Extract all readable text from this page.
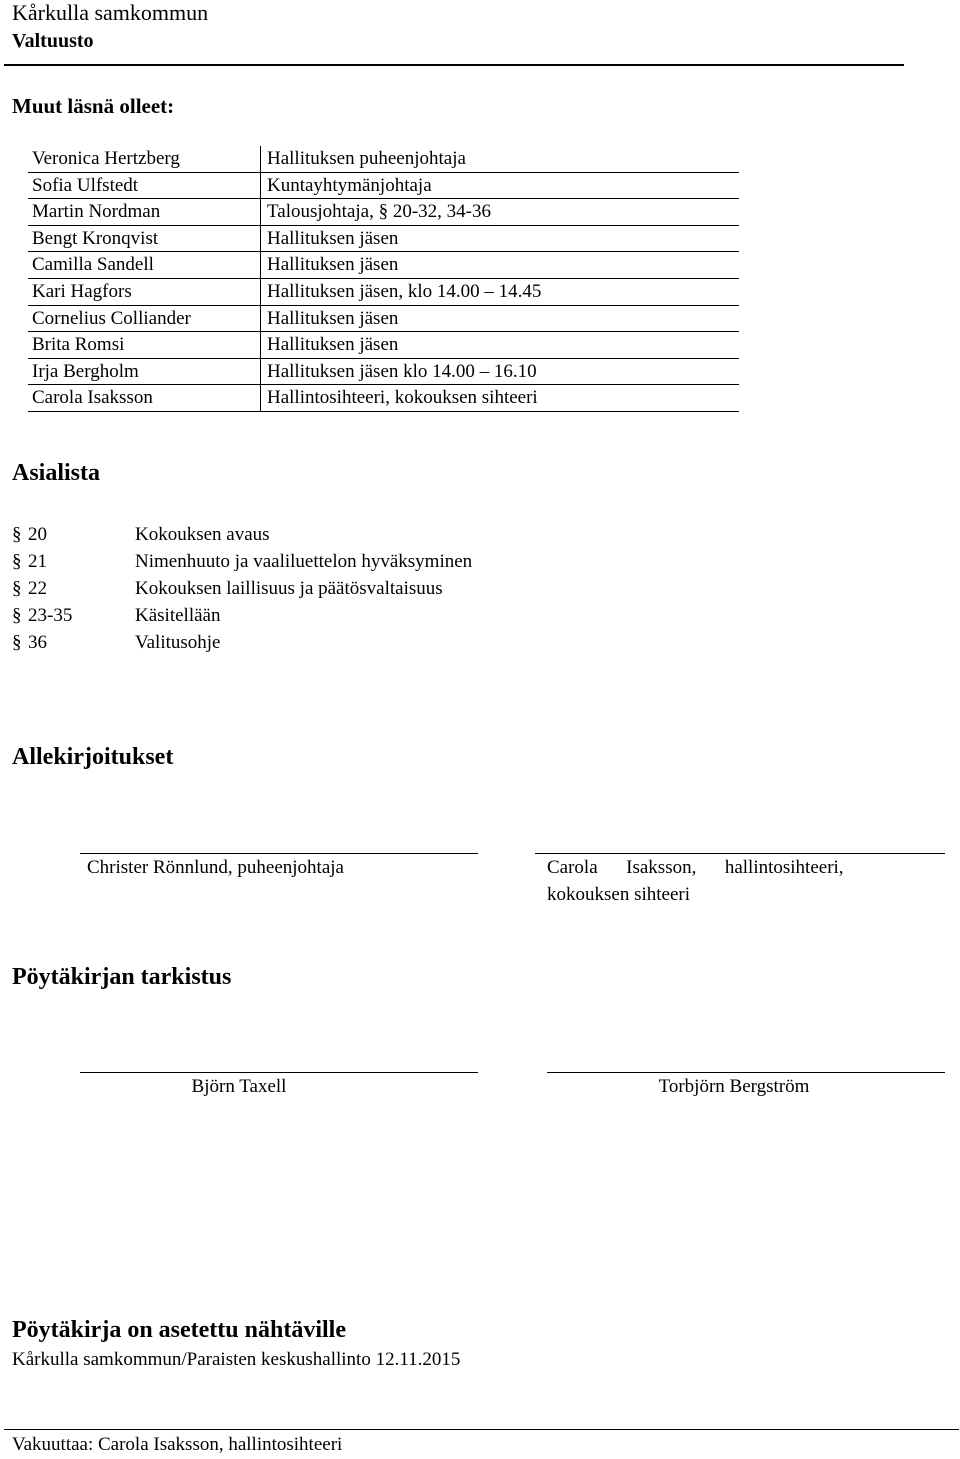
Kårkulla samkommun
Valtuusto
Muut läsnä olleet:
Veronica Hertzberg	Hallituksen puheenjohtaja
Sofia Ulfstedt	Kuntayhtymänjohtaja
Martin Nordman	Talousjohtaja, § 20-32, 34-36
Bengt Kronqvist	Hallituksen jäsen
Camilla Sandell	Hallituksen jäsen
Kari Hagfors	Hallituksen jäsen, klo 14.00 – 14.45
Cornelius Colliander	Hallituksen jäsen
Brita Romsi	Hallituksen jäsen
Irja Bergholm	Hallituksen jäsen klo 14.00 – 16.10
Carola Isaksson	Hallintosihteeri, kokouksen sihteeri
Asialista
§ 20	Kokouksen avaus
§ 21	Nimenhuuto ja vaaliluettelon hyväksyminen
§ 22	Kokouksen laillisuus ja päätösvaltaisuus
§ 23-35	Käsitellään
§ 36	Valitusohje
Allekirjoitukset
Christer Rönnlund, puheenjohtaja	Carola      Isaksson,      hallintosihteeri,
kokouksen sihteeri
Pöytäkirjan tarkistus
Björn Taxell	Torbjörn Bergström
Pöytäkirja on asetettu nähtäville
Kårkulla samkommun/Paraisten keskushallinto 12.11.2015
Vakuuttaa: Carola Isaksson, hallintosihteeri
